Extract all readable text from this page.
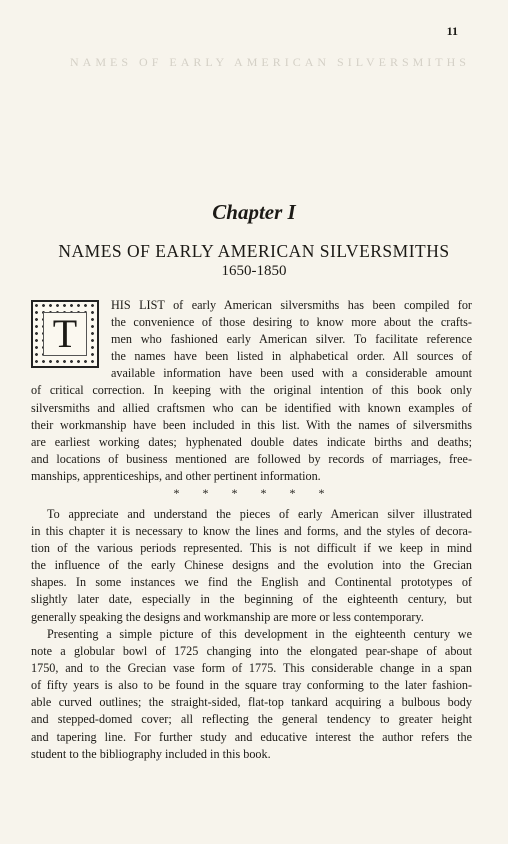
11
NAMES OF EARLY AMERICAN SILVERSMITHS
Chapter I
NAMES OF EARLY AMERICAN SILVERSMITHS
1650-1850
T
HIS LIST of early American silversmiths has been compiled for
the convenience of those desiring to know more about the crafts-
men who fashioned early American silver. To facilitate reference
the names have been listed in alphabetical order. All sources of
available information have been used with a considerable amount
of critical correction. In keeping with the original intention of this book only
silversmiths and allied craftsmen who can be identified with known examples of
their workmanship have been included in this list. With the names of silversmiths
are earliest working dates; hyphenated double dates indicate births and deaths;
and locations of business mentioned are followed by records of marriages, free-
manships, apprenticeships, and other pertinent information.
* * * * * *
To appreciate and understand the pieces of early American silver illustrated
in this chapter it is necessary to know the lines and forms, and the styles of decora-
tion of the various periods represented. This is not difficult if we keep in mind
the influence of the early Chinese designs and the evolution into the Grecian
shapes. In some instances we find the English and Continental prototypes of
slightly later date, especially in the beginning of the eighteenth century, but
generally speaking the designs and workmanship are more or less contemporary.
Presenting a simple picture of this development in the eighteenth century we
note a globular bowl of 1725 changing into the elongated pear-shape of about
1750, and to the Grecian vase form of 1775. This considerable change in a span
of fifty years is also to be found in the square tray conforming to the later fashion-
able curved outlines; the straight-sided, flat-top tankard acquiring a bulbous body
and stepped-domed cover; all reflecting the general tendency to greater height
and tapering line. For further study and educative interest the author refers the
student to the bibliography included in this book.
